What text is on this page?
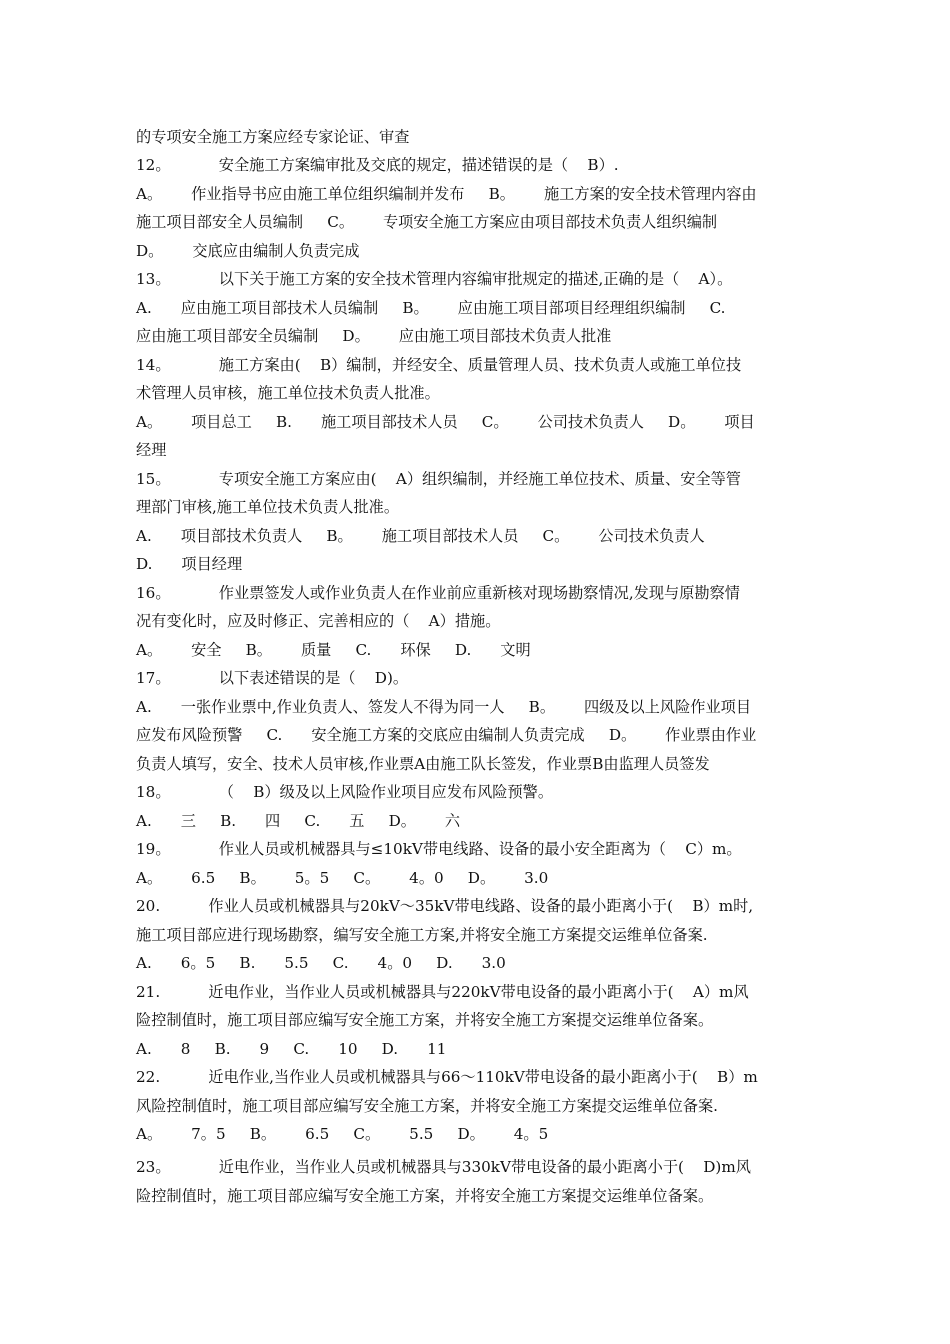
的专项安全施工方案应经专家论证、审查
12。          安全施工方案编审批及交底的规定，描述错误的是（    B）.
A。      作业指导书应由施工单位组织编制并发布     B。      施工方案的安全技术管理内容由
施工项目部安全人员编制     C。      专项安全施工方案应由项目部技术负责人组织编制
D。      交底应由编制人负责完成
13。          以下关于施工方案的安全技术管理内容编审批规定的描述,正确的是（    A）。
A.      应由施工项目部技术人员编制     B。      应由施工项目部项目经理组织编制     C.
应由施工项目部安全员编制     D。      应由施工项目部技术负责人批准
14。          施工方案由(    B）编制，并经安全、质量管理人员、技术负责人或施工单位技
术管理人员审核，施工单位技术负责人批准。
A。      项目总工     B.      施工项目部技术人员     C。      公司技术负责人     D。      项目
经理
15。          专项安全施工方案应由(    A）组织编制，并经施工单位技术、质量、安全等管
理部门审核,施工单位技术负责人批准。
A.      项目部技术负责人     B。      施工项目部技术人员     C。      公司技术负责人
D.      项目经理
16。          作业票签发人或作业负责人在作业前应重新核对现场勘察情况,发现与原勘察情
况有变化时，应及时修正、完善相应的（    A）措施。
A。      安全     B。      质量     C.      环保     D.      文明
17。          以下表述错误的是（    D)。
A.      一张作业票中,作业负责人、签发人不得为同一人     B。      四级及以上风险作业项目
应发布风险预警     C.      安全施工方案的交底应由编制人负责完成     D。      作业票由作业
负责人填写，安全、技术人员审核,作业票A由施工队长签发，作业票B由监理人员签发
18。          （    B）级及以上风险作业项目应发布风险预警。
A.      三     B.      四     C.      五     D。      六
19。          作业人员或机械器具与≤10kV带电线路、设备的最小安全距离为（    C）m。
A。      6.5     B。      5。5     C。      4。0     D。      3.0
20.          作业人员或机械器具与20kV～35kV带电线路、设备的最小距离小于(    B）m时,
施工项目部应进行现场勘察，编写安全施工方案,并将安全施工方案提交运维单位备案.
A.      6。5     B.      5.5     C.      4。0     D.      3.0
21.          近电作业，当作业人员或机械器具与220kV带电设备的最小距离小于(    A）m风
险控制值时，施工项目部应编写安全施工方案，并将安全施工方案提交运维单位备案。
A.      8     B.      9     C.      10     D.      11
22.          近电作业,当作业人员或机械器具与66～110kV带电设备的最小距离小于(    B）m
风险控制值时，施工项目部应编写安全施工方案，并将安全施工方案提交运维单位备案.
A。      7。5     B。      6.5     C。      5.5     D。      4。5
23。          近电作业，当作业人员或机械器具与330kV带电设备的最小距离小于(    D)m风
险控制值时，施工项目部应编写安全施工方案，并将安全施工方案提交运维单位备案。
